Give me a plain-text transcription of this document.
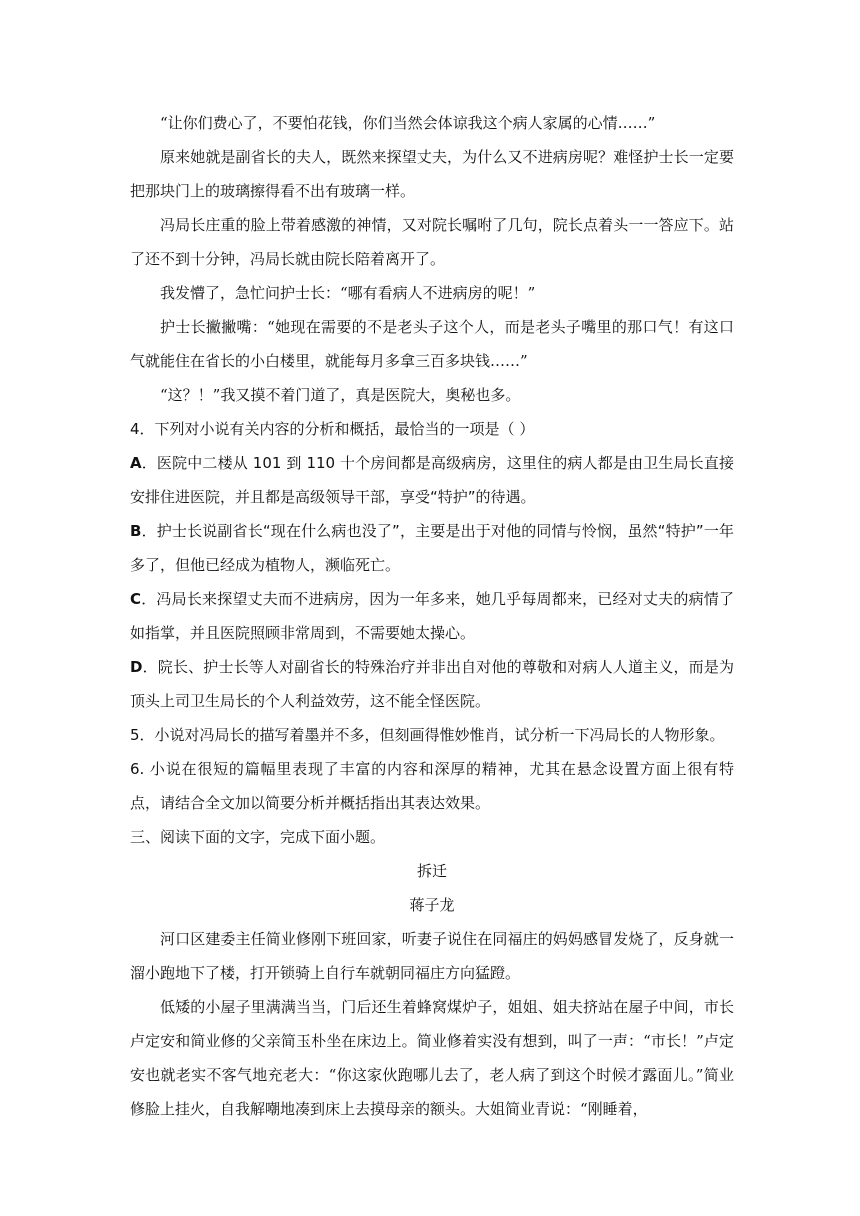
“让你们费心了，不要怕花钱，你们当然会体谅我这个病人家属的心情……”

原来她就是副省长的夫人，既然来探望丈夫，为什么又不进病房呢？难怪护士长一定要把那块门上的玻璃擦得看不出有玻璃一样。

冯局长庄重的脸上带着感激的神情，又对院长嘱咐了几句，院长点着头一一答应下。站了还不到十分钟，冯局长就由院长陪着离开了。

我发懵了，急忙问护士长：“哪有看病人不进病房的呢！”

护士长撇撇嘴：“她现在需要的不是老头子这个人，而是老头子嘴里的那口气！有这口气就能住在省长的小白楼里，就能每月多拿三百多块钱……”

“这？！”我又摸不着门道了，真是医院大，奥秘也多。

4．下列对小说有关内容的分析和概括，最恰当的一项是（ ）

A．医院中二楼从 101 到 110 十个房间都是高级病房，这里住的病人都是由卫生局长直接安排住进医院，并且都是高级领导干部，享受“特护”的待遇。

B．护士长说副省长“现在什么病也没了”，主要是出于对他的同情与怜悯，虽然“特护”一年多了，但他已经成为植物人，濒临死亡。

C．冯局长来探望丈夫而不进病房，因为一年多来，她几乎每周都来，已经对丈夫的病情了如指掌，并且医院照顾非常周到，不需要她太操心。

D．院长、护士长等人对副省长的特殊治疗并非出自对他的尊敬和对病人人道主义，而是为顶头上司卫生局长的个人利益效劳，这不能全怪医院。

5．小说对冯局长的描写着墨并不多，但刻画得惟妙惟肖，试分析一下冯局长的人物形象。

6. 小说在很短的篇幅里表现了丰富的内容和深厚的精神，尤其在悬念设置方面上很有特点，请结合全文加以简要分析并概括指出其表达效果。

三、阅读下面的文字，完成下面小题。

拆迁

蒋子龙

河口区建委主任简业修刚下班回家，听妻子说住在同福庄的妈妈感冒发烧了，反身就一溜小跑地下了楼，打开锁骑上自行车就朝同福庄方向猛蹬。

低矮的小屋子里满满当当，门后还生着蜂窝煤炉子，姐姐、姐夫挤站在屋子中间，市长卢定安和简业修的父亲简玉朴坐在床边上。简业修着实没有想到，叫了一声：“市长！”卢定安也就老实不客气地充老大：“你这家伙跑哪儿去了，老人病了到这个时候才露面儿。”简业修脸上挂火，自我解嘲地凑到床上去摸母亲的额头。大姐简业青说：“刚睡着，
